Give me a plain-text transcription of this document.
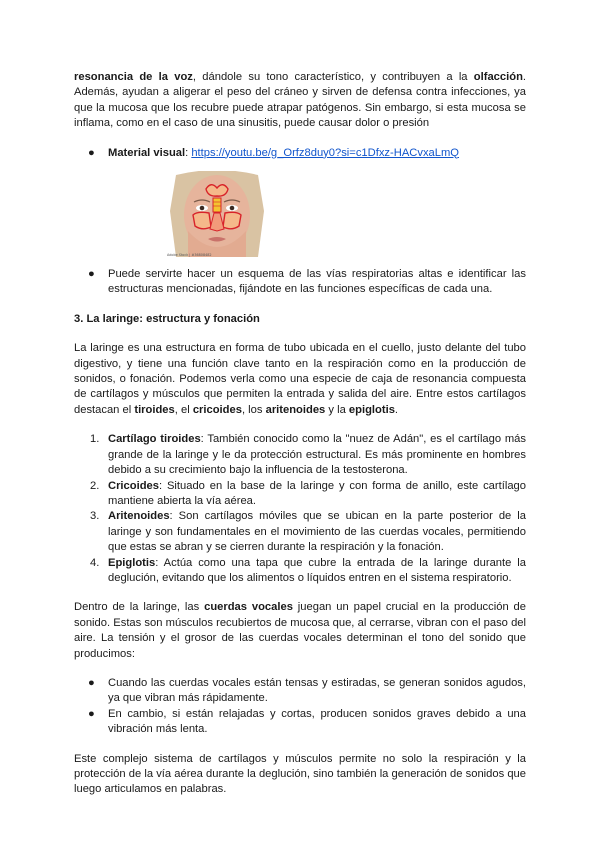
resonancia de la voz, dándole su tono característico, y contribuyen a la olfacción. Además, ayudan a aligerar el peso del cráneo y sirven de defensa contra infecciones, ya que la mucosa que los recubre puede atrapar patógenos. Sin embargo, si esta mucosa se inflama, como en el caso de una sinusitis, puede causar dolor o presión

● Material visual: https://youtu.be/g_Orfz8duy0?si=c1Dfxz-HACvxaLmQ
Adobe Stock | #36808482
● Puede servirte hacer un esquema de las vías respiratorias altas e identificar las estructuras mencionadas, fijándote en las funciones específicas de cada una.
3. La laringe: estructura y fonación

La laringe es una estructura en forma de tubo ubicada en el cuello, justo delante del tubo digestivo, y tiene una función clave tanto en la respiración como en la producción de sonidos, o fonación. Podemos verla como una especie de caja de resonancia compuesta de cartílagos y músculos que permiten la entrada y salida del aire. Entre estos cartílagos destacan el tiroides, el cricoides, los aritenoides y la epiglotis.

1. Cartílago tiroides: También conocido como la "nuez de Adán", es el cartílago más grande de la laringe y le da protección estructural. Es más prominente en hombres debido a su crecimiento bajo la influencia de la testosterona.
2. Cricoides: Situado en la base de la laringe y con forma de anillo, este cartílago mantiene abierta la vía aérea.
3. Aritenoides: Son cartílagos móviles que se ubican en la parte posterior de la laringe y son fundamentales en el movimiento de las cuerdas vocales, permitiendo que estas se abran y se cierren durante la respiración y la fonación.
4. Epiglotis: Actúa como una tapa que cubre la entrada de la laringe durante la deglución, evitando que los alimentos o líquidos entren en el sistema respiratorio.

Dentro de la laringe, las cuerdas vocales juegan un papel crucial en la producción de sonido. Estas son músculos recubiertos de mucosa que, al cerrarse, vibran con el paso del aire. La tensión y el grosor de las cuerdas vocales determinan el tono del sonido que producimos:

● Cuando las cuerdas vocales están tensas y estiradas, se generan sonidos agudos, ya que vibran más rápidamente.
● En cambio, si están relajadas y cortas, producen sonidos graves debido a una vibración más lenta.

Este complejo sistema de cartílagos y músculos permite no solo la respiración y la protección de la vía aérea durante la deglución, sino también la generación de sonidos que luego articulamos en palabras.
